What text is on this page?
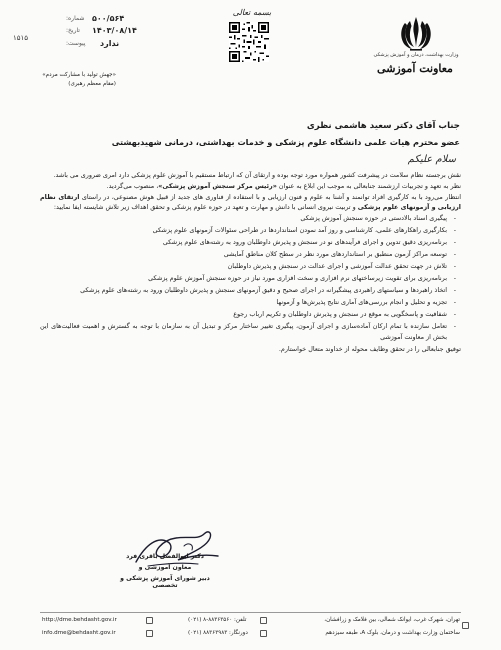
وزارت بهداشت، درمان و آموزش پزشکی
معاونت آموزشی
بسمه تعالی
شماره: ۵۰۰/۵۶۴
تاریخ: ۱۴۰۳/۰۸/۱۴
پیوست: ندارد
۱۵۱۵
«جهش تولید با مشارکت مردم»
(مقام معظم رهبری)
جناب آقای دکتر سعید هاشمی نظری
عضو محترم هیات علمی دانشگاه علوم پزشکی و خدمات بهداشتی، درمانی شهیدبهشتی
سلام علیکم

نقش برجسته نظام سلامت در پیشرفت کشور همواره مورد توجه بوده و ارتقای آن که ارتباط مستقیم با آموزش علوم پزشکی دارد امری ضروری می باشد.

نظر به تعهد و تجربیات ارزشمند جنابعالی به موجب این ابلاغ به عنوان «رئیس مرکز سنجش آموزش پزشکی»، منصوب می‌گردید.

انتظار می‌رود با به کارگیری افراد توانمند و آشنا به علوم و فنون ارزیابی و با استفاده از فناوری های جدید از قبیل هوش مصنوعی، در راستای ارتقای نظام ارزیابی و آزمونهای علوم پزشکی و تربیت نیروی انسانی با دانش و مهارت و تعهد در حوزه علوم پزشکی و تحقق اهداف زیر تلاش شایسته ایفا نمایید:

- پیگیری اسناد بالادستی در حوزه سنجش آموزش پزشکی
- بکارگیری راهکارهای علمی، کارشناسی و روز آمد نمودن استانداردها در طراحی سئوالات آزمونهای علوم پزشکی
- برنامه‌ریزی دقیق تدوین و اجرای فرآیندهای نو در سنجش و پذیرش داوطلبان ورود به رشته‌های علوم پزشکی
- توسعه مراکز آزمون منطبق بر استانداردهای مورد نظر در سطح کلان مناطق آمایشی
- تلاش در جهت تحقق عدالت آموزشی و اجرای عدالت در سنجش و پذیرش داوطلبان
- برنامه‌ریزی برای تقویت زیرساختهای نرم افزاری و سخت افزاری مورد نیاز در حوزه سنجش آموزش علوم پزشکی
- اتخاذ راهبردها و سیاستهای راهبردی پیشگیرانه در اجرای صحیح و دقیق آزمونهای سنجش و پذیرش داوطلبان ورود به رشته‌های علوم پزشکی
- تجزیه و تحلیل و انجام بررسی‌های آماری نتایج پذیرش‌ها و آزمونها
- شفافیت و پاسخگویی به موقع در سنجش و پذیرش داوطلبان و تکریم ارباب رجوع
- تعامل سازنده با تمام ارکان آماده‌سازی و اجرای آزمون، پیگیری تغییر ساختار مرکز و تبدیل آن به سازمان با توجه به گسترش و اهمیت فعالیت‌های این بخش از معاونت آموزشی

توفیق جنابعالی را در تحقق وظایف محوله از خداوند متعال خواستارم.

دکتر ابوالفضل باقری فرد
معاون آموزشی و
دبیر شورای آموزش پزشکی و تخصصی
http://dme.behdasht.gov.ir
info.dme@behdasht.gov.ir
تلفن: ۸۸۳۶۳۵۶۰-۸ (۰۲۱)
دورنگار: ۸۸۳۶۳۹۸۳ (۰۲۱)
تهران، شهرک غرب، ایوانک شمالی، بین فلامک و زرافشان،
ساختمان وزارت بهداشت و درمان، بلوک A، طبقه سیزدهم
